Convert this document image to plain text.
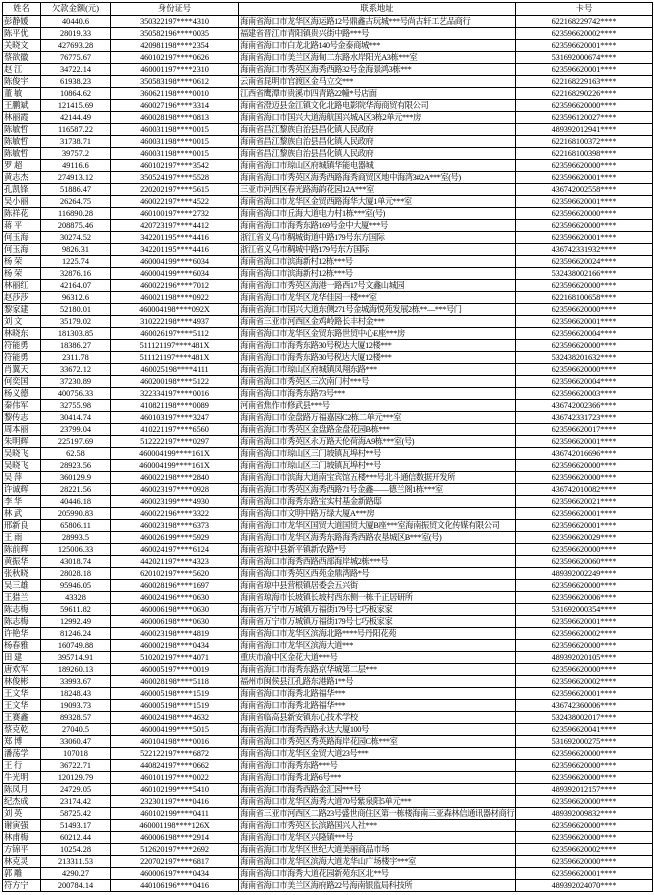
姓名	欠款金额(元)	身份证号	联系地址	卡号
彭静媛	40440.6	350322197****4310	海南省海口市龙华区海运路12号鼎鑫古玩城***号尚古轩工艺品商行	622168229742****
陈平优	28019.33	350582196****0035	福建省晋江市青阳镇贵兴街中路***号	623596620002****
关晓文	427693.28	420981198****2354	海南省海口市白龙北路140号金泰商城***	623596620001****
蔡欲徽	76775.67	460102197****0626	海南省海口市美兰区海甸二东路水岸阳光A3栋***室	531692000674****
赵 江	34722.14	460001197****2310	海南省海口市秀英区海秀西路32号金海景鸿3栋***	623596620001****
陈俊宇	61938.23	350583198****0612	云南省昆明市官渡区金马立交***	622168229163****
董 敏	10864.62	360621198****0010	江西省鹰潭市贵溪市四青路22幢*号店面	622168290226****
王鹏斌	121415.69	460027196****3314	海南省澄迈县金江镇文化北路电影院华海商贸有限公司	623596620000****
林丽霞	42144.49	460028198****0813	海南省海口市国兴大道海航国兴城A区3栋2单元***房	623596120027****
陈敏哲	116587.22	460031198****0015	海南省昌江黎族自治县昌化镇人民政府	489392012941****
陈敏哲	31738.71	460031198****0015	海南省昌江黎族自治县昌化镇人民政府	622168100372****
陈敏哲	39757.2	460031198****0015	海南省昌江黎族自治县昌化镇人民政府	622168100398****
罗 超	49116.6	460102197****3542	海南省海口市琼山区府城镇华能电器城	623596620000****
黄志杰	274913.12	350524197****5528	海南省海口市秀英区海秀西路海秀商贸区地中海湾3#2A***室(号)	623596620001****
孔凯锋	51886.47	220202197****5615	三亚市河西区春光路海韵花园12A***室	436742002558****
吴小丽	26264.75	460022197****4522	海南省海口市龙华区金贸西路海华大厦1单元***室	623596620001****
陈祥花	116890.28	460100197****2732	海南省海口市丘海大道电力村1栋***室(号)	623596620000****
蒋 平	208875.46	420723197****4412	海南省海口市海秀东路169号金中大厦***号	623596620000****
何玉海	30274.52	342201195****4416	浙江省义乌市稠城街道中路179号东方国际	623596620001****
何玉海	9826.31	342201195****4416	浙江省义乌市稠城中路179号东方国际	436742331932****
杨 荣	1225.74	460004199****6034	海南省海口市滨海新村12栋***号	623596620024****
杨 荣	32876.16	460004199****6034	海南省海口市滨海新村12栋***号	532438002166****
林丽红	42164.07	460022196****7012	海南省海口市秀英区海港一路西17号文鑫山城园	623596620000****
赵莎莎	96312.6	460021198****0922	海南省海口市龙华区龙华佳园一楼***室	622168100658****
黎家建	52180.01	460004198****092X	海南省海口市国兴大道东侧271号金城海悦苑发展2栋**—***号门	623596620000****
刘 文	35179.02	310222198****4937	海南省三亚市河西区金鸡岭路长丰村金***	623596620001****
林晓东	181303.85	460026197****5112	海南省海口市龙华区金贸东路世贸中心E座***房	623596620004****
符能勇	18386.27	511121197****481X	海南省海口市海秀东路30号税达大厦12楼***	623596620000****
符能勇	2311.78	511121197****481X	海南省海口市海秀东路30号税达大厦12楼***	532438201632****
肖翼天	33672.12	460025198****4111	海南省海口市琼山区府城镇凤翔东路***	623596620000****
何奕国	37230.89	460200198****5122	海南省海口市秀英区三次南门村***号	623596620004****
杨义德	400756.33	322334197****0016	海南省海口市海秀东路73号***	623596620003****
秦伟军	32755.98	410821198****0089	河南省焦作市修武县***号	436742002366****
黎传志	30414.74	460103197****3247	海南省海口市金盘路万福嘉园C2栋二单元***室	436742331723****
周本丽	23799.04	410221197****6560	海南省海口市秀英区金盘路金盘花园B栋***	623596620017****
朱明辉	225197.69	512222197****0297	海南省海口市秀英区永万路天伦荷海A9栋***室(号)	623596620001****
吴晓飞	62.58	460004199****161X	海南省海口市琼山区三门坡镇瓦埠村**号	436742016696****
吴晓飞	28923.56	460004199****161X	海南省海口市琼山区三门坡镇瓦埠村**号	623596620000****
吴 萍	360129.9	460022198****2840	海南省海口市滨海大道南宝宾馆五楼***号北斗通信数据开发所	623596620000****
许诚辉	28221.56	460023197****0928	海南省海口市秀英区海秀西路71号金鑫——德兰阁1栋***室	436742010082****
李 华	40446.18	460023199****4930	海南省海口市海秀东路宝实村基金新路邸	623596620021****
林 武	205990.83	460022196****3322	海南省海口市文明中路万绿大厦A***房	623596620001****
邢新良	65806.11	460023198****6373	海南省海口市龙华区国贸大道国贸大厦B座***室海南振贸文化传媒有限公司	623596620001****
王 雨	28993.5	460026199****5929	海南省海口市龙华区海秀东路海秀西路农垦城区B***室(号)	623596620029****
陈前辉	125006.33	460024197****6124	海南省琼中县新平镇新农路*号	623596620000****
黄振华	43018.74	442021197****4323	海南省海口市海秀西路西部海岸城2栋***号	623596620060****
张秋晓	28028.18	620102197****5620	海南省海口市秀英区西苑金鼎湾路*号	489392002249****
吴三雄	95946.05	460028196****1697	海南省琼中县营根镇居委会五兴街	623596620000****
王猎兰	43328	460024196****0630	海南省琼海市长坡镇长坡村西东侧一栋千正居研所	623596620006****
陈志梅	59611.82	460006198****0630	海南省万宁市万城镇万福街179号七巧板家家	531692000354****
陈志梅	12992.49	460006198****0630	海南省万宁市万城镇万福街179号七巧板家家	623596620001****
许艳华	81246.24	460023198****4819	海南省海口市龙华区滨海北路****号丹阳花苑	623596620002****
杨春雅	160749.88	460002198****0434	海南省海口市龙华区滨海大道***	623596620000****
田 建	395714.91	510202197****4071	重庆市渝中区金花大道***号	489392020105****
唐欢军	189260.13	460005197****0019	海南省海口市海秀东路京华城第二层***	623596620000****
林俊彬	33993.67	460028198****5118	福州市闽侯县江孔路东港路1**号	623596620002****
王文华	18248.43	460005198****1519	海南省海口市海秀北路福华***	623596620001****
王文华	19093.73	460005198****1519	海南省海口市海秀北路福华***	436742360006****
王赛鑫	89328.57	460024198****4632	海南省临高县新安镇东心技术学校	532438002017****
蔡克乾	27040.5	460004199****5015	海南省海口市海秀西路永达大厦100号	623596620041****
郑 博	33060.47	460104198****0016	海南省海口市秀英区秀英路海岸花园C栋***室	531692000275****
潘荡学	107018	522122197****6872	海南省海口市龙华区金贸大道23号***	623596620000****
王 行	36722.71	440824197****0662	海南省海口市海秀东路***号	623596620000****
牛光明	120129.79	460101197****0022	海南省海口市海秀北路6号***	623596620000****
陈凤月	24729.05	460102199****5410	海南省海口市海秀西路金汇园***号	489392012157****
纪杰成	23174.42	232301197****0416	海南省海口市龙华区海秀大道70号紫泉阳5单元***	623596620000****
刘 英	58725.42	460102199****0411	海南省三亚市河西区二路23号盛世商住区第一栋楼海南三亚森林信通讯器材商行	489392009832****
谢寅强	51493.17	460001198****126X	海南省海口市秀英区长滨路国兴人社***	623596620000****
林甫梅	60212.44	460006198****2914	海南省海口市龙华区兴隆镇***号	623596620000****
方锦平	10254.28	512620197****2692	海南省海口市龙华区世纪大道美丽商品市场	623596620002****
林克灵	213311.53	220702197****6817	海南省海口市龙华区滨海大道龙华山广场楼宇***室	623596620000****
郭 雕	4290.27	460006197****0434	海南省海口市海秀大道花园新苑东区北**号	623596620001****
符方宁	200784.14	440106196****0416	海南省海口市美兰区海府路22号海南银监局科技所	489392024070****
